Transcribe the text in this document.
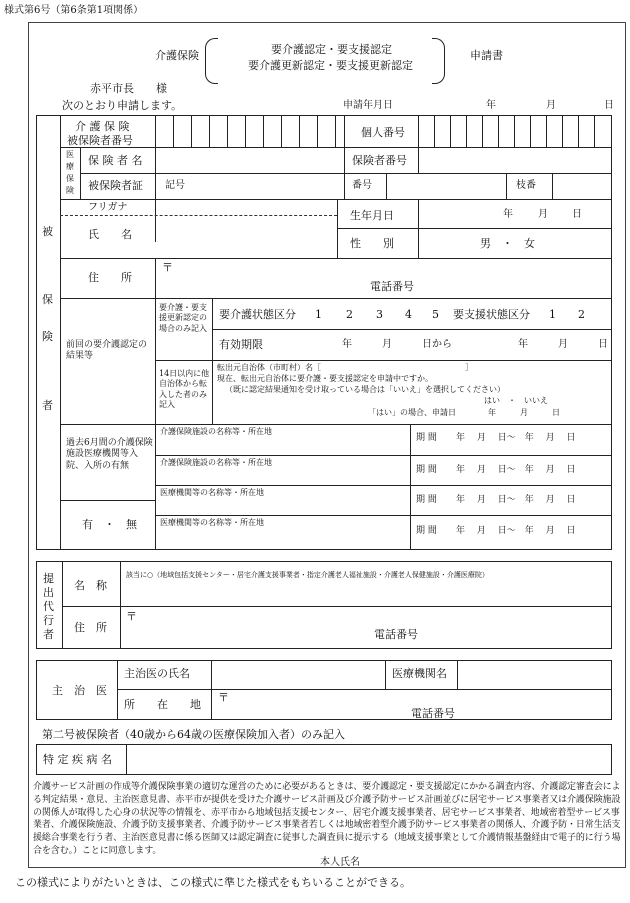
様式第6号（第6条第1項関係）
介護保険	要介護認定・要支援認定
要介護更新認定・要支援更新認定
申請書
赤平市長　　様
次のとおり申請します。	申請年月日	年	月	日
被
保
険
者
介 護 保 険
被保険者番号
個人番号
医
療
保
険
保 険 者 名	保険者番号
被保険者証 記号	番号	枝番
フリガナ
氏　　名
生年月日	年	月 日
性　　別	男　・　女
住　　所
〒
電話番号
前回の要介護認定の結果等
要介護・要支援更新認定の場合のみ記入
要介護状態区分 1 2 3 4 5 要支援状態区分 1 2
有効期限	年　　　月　　　日から	年　　　月　　　日
14日以内に他自治体から転入した者のみ記入
転出元自治体（市町村）名［　　　　　　　　　　　　　　　　　　］
現在、転出元自治体に要介護・要支援認定を申請中ですか。
（既に認定結果通知を受け取っている場合は「いいえ」を選択してください）
はい　・　いいえ
「はい」の場合、申請日　　　　年　　　月　　　日
過去6月間の介護保険施設医療機関等入院、入所の有無
有　・　無
介護保険施設の名称等・所在地
期 間 年　 月　 日～　年　 月　 日
介護保険施設の名称等・所在地
期 間 年　 月　 日～　年　 月　 日
医療機関等の名称等・所在地
期 間 年　 月　 日～　年　 月　 日
医療機関等の名称等・所在地
期 間 年　 月　 日～　年　 月　 日
提
出
代
行
者
名　称
該当に○（地域包括支援センター・居宅介護支援事業者・指定介護老人福祉施設・介護老人保健施設・介護医療院）
住　所
〒
電話番号
主　治　医
主治医の氏名	医療機関名
所　　在　　地
〒
電話番号
第二号被保険者（40歳から64歳の医療保険加入者）のみ記入
特 定 疾 病 名
介護サービス計画の作成等介護保険事業の適切な運営のために必要があるときは、要介護認定・要支援認定にかかる調査内容、介護認定審査会による判定結果・意見、主治医意見書、赤平市が提供を受けた介護サービス計画及び介護予防サービス計画並びに居宅サービス事業者又は介護保険施設の関係人が取得した心身の状況等の情報を、赤平市から地域包括支援センター、居宅介護支援事業者、居宅サービス事業者、地域密着型サービス事業者、介護保険施設、介護予防支援事業者、介護予防サービス事業者若しくは地域密着型介護予防サービス事業者の関係人、介護予防・日常生活支援総合事業を行う者、主治医意見書に係る医師又は認定調査に従事した調査員に提示する（地域支援事業として介護情報基盤経由で電子的に行う場合を含む。）ことに同意します。
本人氏名
この様式によりがたいときは、この様式に準じた様式をもちいることができる。
